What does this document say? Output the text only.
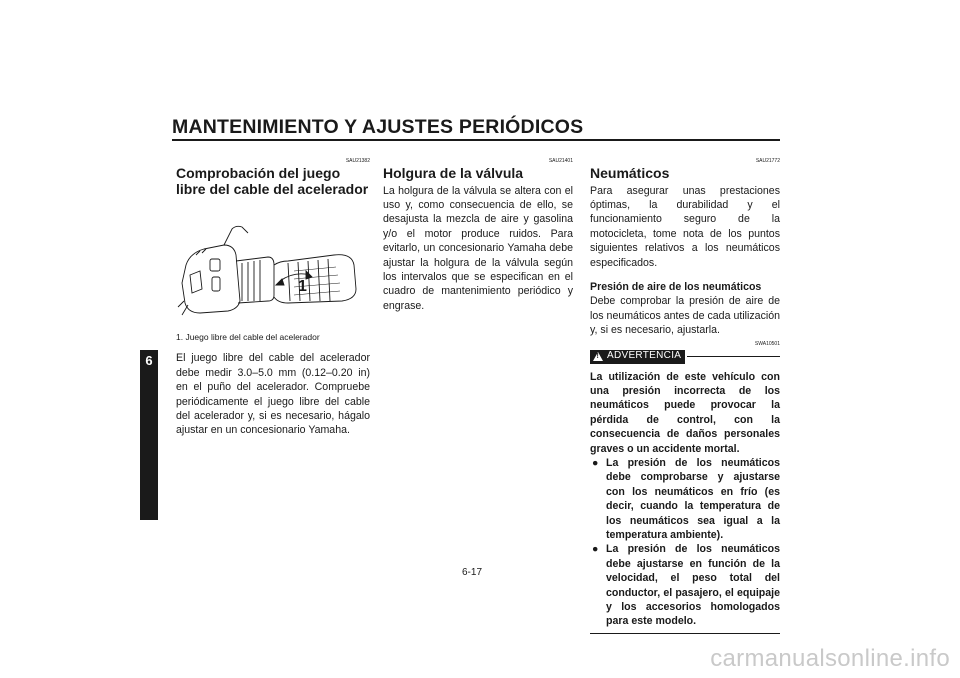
MANTENIMIENTO Y AJUSTES PERIÓDICOS
6
SAU21382
Comprobación del juego libre del cable del acelerador
1
1. Juego libre del cable del acelerador

El juego libre del cable del acelerador debe medir 3.0–5.0 mm (0.12–0.20 in) en el puño del acelerador. Compruebe periódicamente el juego libre del cable del acelerador y, si es necesario, hágalo ajustar en un concesionario Yamaha.

SAU21401
Holgura de la válvula

La holgura de la válvula se altera con el uso y, como consecuencia de ello, se desajusta la mezcla de aire y gasolina y/o el motor produce ruidos. Para evitarlo, un concesionario Yamaha debe ajustar la holgura de la válvula según los intervalos que se especifican en el cuadro de mantenimiento periódico y engrase.

SAU21772
Neumáticos

Para asegurar unas prestaciones óptimas, la durabilidad y el funcionamiento seguro de la motocicleta, tome nota de los puntos siguientes relativos a los neumáticos especificados.

Presión de aire de los neumáticos

Debe comprobar la presión de aire de los neumáticos antes de cada utilización y, si es necesario, ajustarla.

SWA10501
!
ADVERTENCIA
La utilización de este vehículo con una presión incorrecta de los neumáticos puede provocar la pérdida de control, con la consecuencia de daños personales graves o un accidente mortal.
● La presión de los neumáticos debe comprobarse y ajustarse con los neumáticos en frío (es decir, cuando la temperatura de los neumáticos sea igual a la temperatura ambiente).
● La presión de los neumáticos debe ajustarse en función de la velocidad, el peso total del conductor, el pasajero, el equipaje y los accesorios homologados para este modelo.
6-17
carmanualsonline.info
